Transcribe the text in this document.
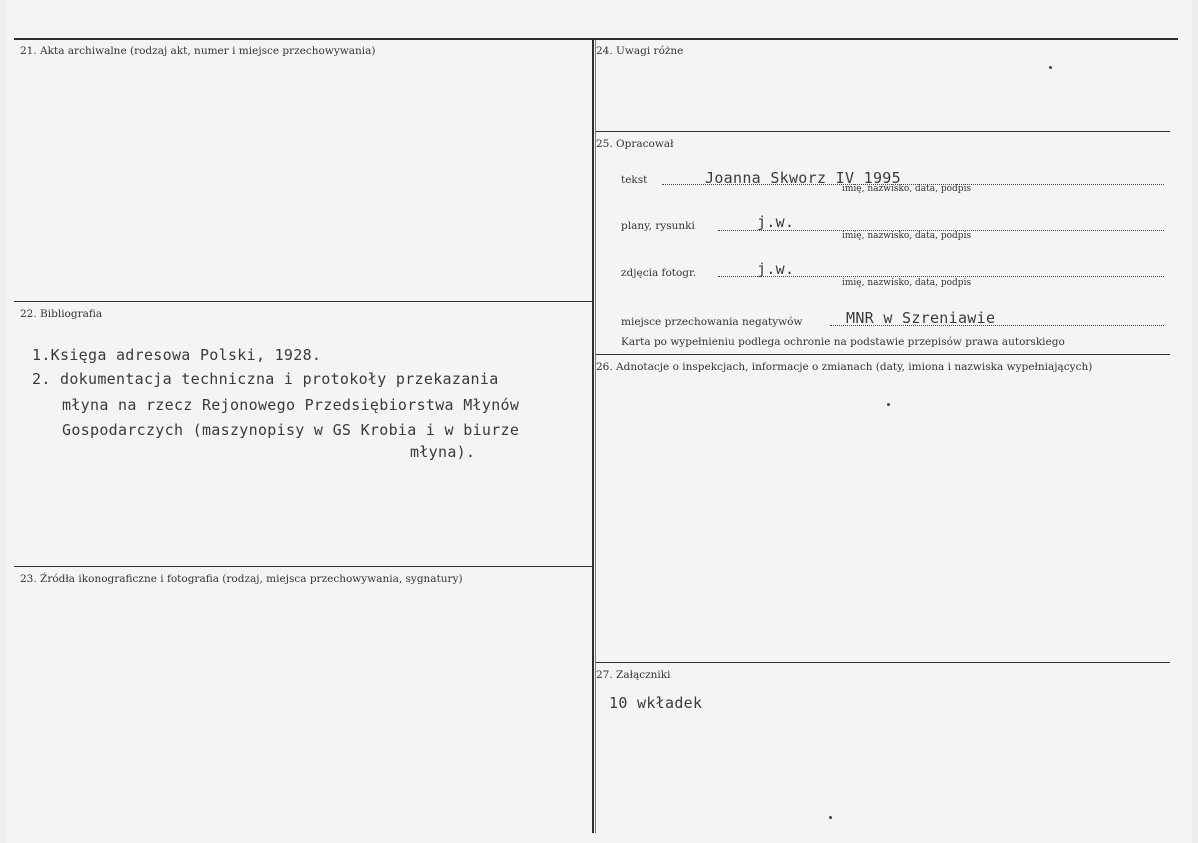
21. Akta archiwalne (rodzaj akt, numer i miejsce przechowywania)
22. Bibliografia
1.Księga adresowa Polski, 1928.
2. dokumentacja techniczna i protokoły przekazania
młyna na rzecz Rejonowego Przedsiębiorstwa Młynów
Gospodarczych (maszynopisy w GS Krobia i w biurze
młyna).
23. Źródła ikonograficzne i fotografia (rodzaj, miejsca przechowywania, sygnatury)
24. Uwagi różne
25. Opracował
tekst	Joanna Skworz IV 1995
imię, nazwisko, data, podpis
plany, rysunki	j.w.
imię, nazwisko, data, podpis
zdjęcia fotogr.	j.w.
imię, nazwisko, data, podpis
miejsce przechowania negatywów	MNR w Szreniawie
Karta po wypełnieniu podlega ochronie na podstawie przepisów prawa autorskiego
26. Adnotacje o inspekcjach, informacje o zmianach (daty, imiona i nazwiska wypełniających)
27. Załączniki
10 wkładek
